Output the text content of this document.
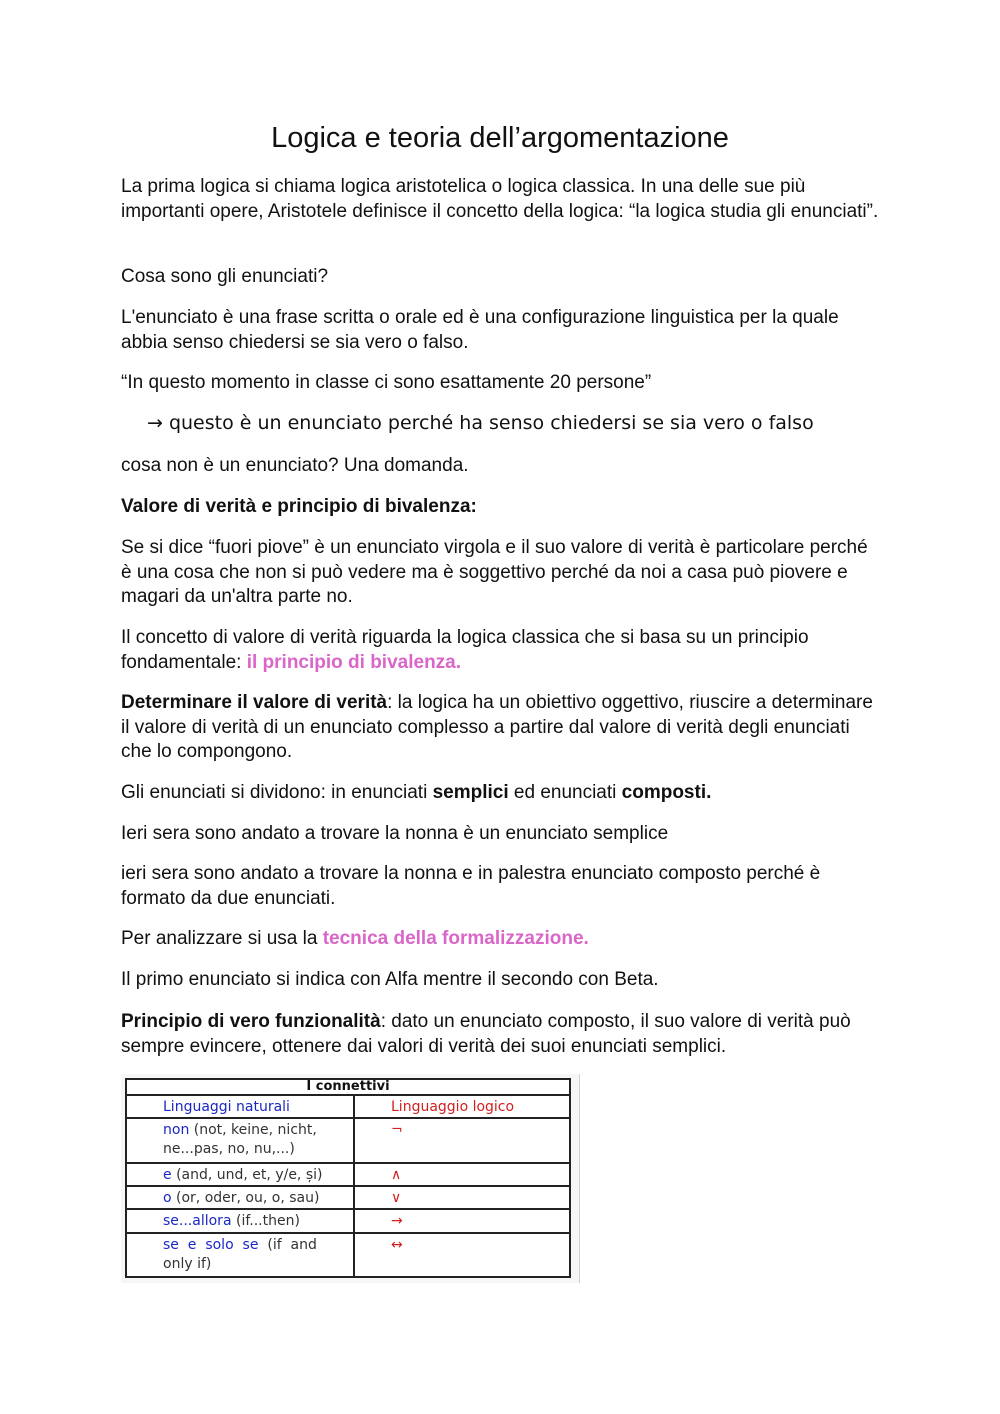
Logica e teoria dell’argomentazione

La prima logica si chiama logica aristotelica o logica classica. In una delle sue più importanti opere, Aristotele definisce il concetto della logica: “la logica studia gli enunciati”.

Cosa sono gli enunciati?

L'enunciato è una frase scritta o orale ed è una configurazione linguistica per la quale abbia senso chiedersi se sia vero o falso.

“In questo momento in classe ci sono esattamente 20 persone”

→ questo è un enunciato perché ha senso chiedersi se sia vero o falso

cosa non è un enunciato? Una domanda.

Valore di verità e principio di bivalenza:

Se si dice “fuori piove” è un enunciato virgola e il suo valore di verità è particolare perché è una cosa che non si può vedere ma è soggettivo perché da noi a casa può piovere e magari da un'altra parte no.

Il concetto di valore di verità riguarda la logica classica che si basa su un principio fondamentale: il principio di bivalenza.

Determinare il valore di verità: la logica ha un obiettivo oggettivo, riuscire a determinare il valore di verità di un enunciato complesso a partire dal valore di verità degli enunciati che lo compongono.

Gli enunciati si dividono: in enunciati semplici ed enunciati composti.

Ieri sera sono andato a trovare la nonna è un enunciato semplice

ieri sera sono andato a trovare la nonna e in palestra enunciato composto perché è formato da due enunciati.

Per analizzare si usa la tecnica della formalizzazione.

Il primo enunciato si indica con Alfa mentre il secondo con Beta.

Principio di vero funzionalità: dato un enunciato composto, il suo valore di verità può sempre evincere, ottenere dai valori di verità dei suoi enunciati semplici.

I connettivi	
Linguaggi naturali	Linguaggio logico
non (not, keine, nicht, ne...pas, no, nu,...)	¬
e (and, und, et, y/e, și)	∧
o (or, oder, ou, o, sau)	∨
se...allora (if...then)	→
se  e  solo  se  (if  and only if)	↔
